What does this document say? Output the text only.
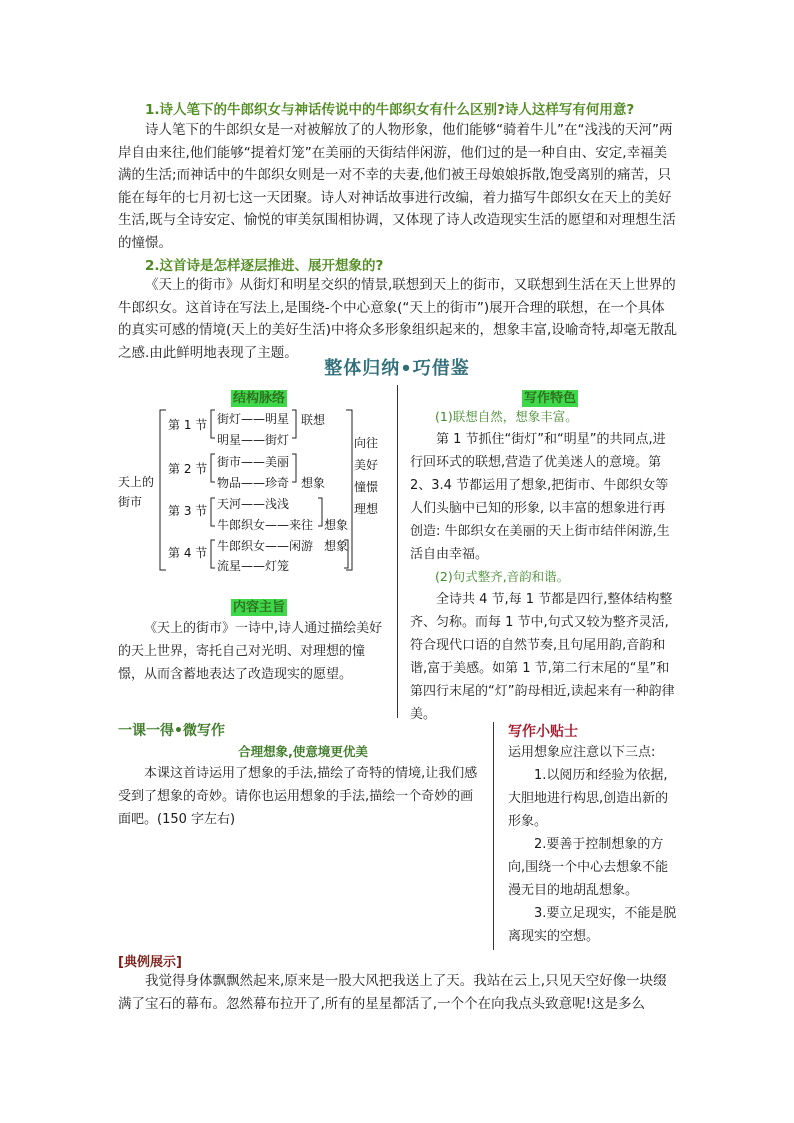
1.诗人笔下的牛郎织女与神话传说中的牛郎织女有什么区别?诗人这样写有何用意?

诗人笔下的牛郎织女是一对被解放了的人物形象，他们能够“骑着牛儿”在“浅浅的天河”两岸自由来往,他们能够“提着灯笼”在美丽的天街结伴闲游，他们过的是一种自由、安定,幸福美满的生活;而神话中的牛郎织女则是一对不幸的夫妻,他们被王母娘娘拆散,饱受离别的痛苦，只能在每年的七月初七这一天团聚。诗人对神话故事进行改编，着力描写牛郎织女在天上的美好生活,既与全诗安定、愉悦的审美氛围相协调，又体现了诗人改造现实生活的愿望和对理想生活的憧憬。

2.这首诗是怎样逐层推进、展开想象的?

《天上的街市》从街灯和明星交织的情景,联想到天上的街市，又联想到生活在天上世界的牛郎织女。这首诗在写法上,是围绕-个中心意象(“天上的街市”)展开合理的联想，在一个具体的真实可感的情境(天上的美好生活)中将众多形象组织起来的，想象丰富,设喻奇特,却毫无散乱之感.由此鲜明地表现了主题。

整体归纳•巧借鉴
结构脉络
天上的
街市
第 1 节
第 2 节
第 3 节
第 4 节
街灯——明星
明星——街灯
联想
街市——美丽
物品——珍奇 想象
天河——浅浅
牛郎织女——来往 想象
牛郎织女——闲游
流星——灯笼
想象
向往
美好
憧憬
理想
内容主旨

《天上的街市》一诗中,诗人通过描绘美好的天上世界，寄托自己对光明、对理想的憧憬，从而含蓄地表达了改造现实的愿望。

写作特色
(1)联想自然，想象丰富。

第 1 节抓住“街灯”和“明星”的共同点,进行回环式的联想,营造了优美迷人的意境。第 2、3.4 节都运用了想象,把街市、牛郎织女等人们头脑中已知的形象, 以丰富的想象进行再创造: 牛郎织女在美丽的天上街市结伴闲游,生活自由幸福。

(2)句式整齐,音韵和谐。

全诗共 4 节,每 1 节都是四行,整体结构整齐、匀称。而每 1 节中,句式又较为整齐灵活,符合现代口语的自然节奏,且句尾用韵,音韵和谐,富于美感。如第 1 节,第二行末尾的“星”和第四行末尾的“灯”韵母相近,读起来有一种韵律美。

一课一得•微写作
合理想象,使意境更优美

本课这首诗运用了想象的手法,描绘了奇特的情境,让我们感受到了想象的奇妙。请你也运用想象的手法,描绘一个奇妙的画面吧。(150 字左右)

写作小贴士

运用想象应注意以下三点:

1.以阅历和经验为依据,大胆地进行构思,创造出新的形象。

2.要善于控制想象的方向,围绕一个中心去想象不能漫无目的地胡乱想象。

3.要立足现实，不能是脱离现实的空想。

[典例展示]

我觉得身体飘飘然起来,原来是一股大风把我送上了天。我站在云上,只见天空好像一块缀满了宝石的幕布。忽然幕布拉开了,所有的星星都活了,一个个在向我点头致意呢!这是多么
